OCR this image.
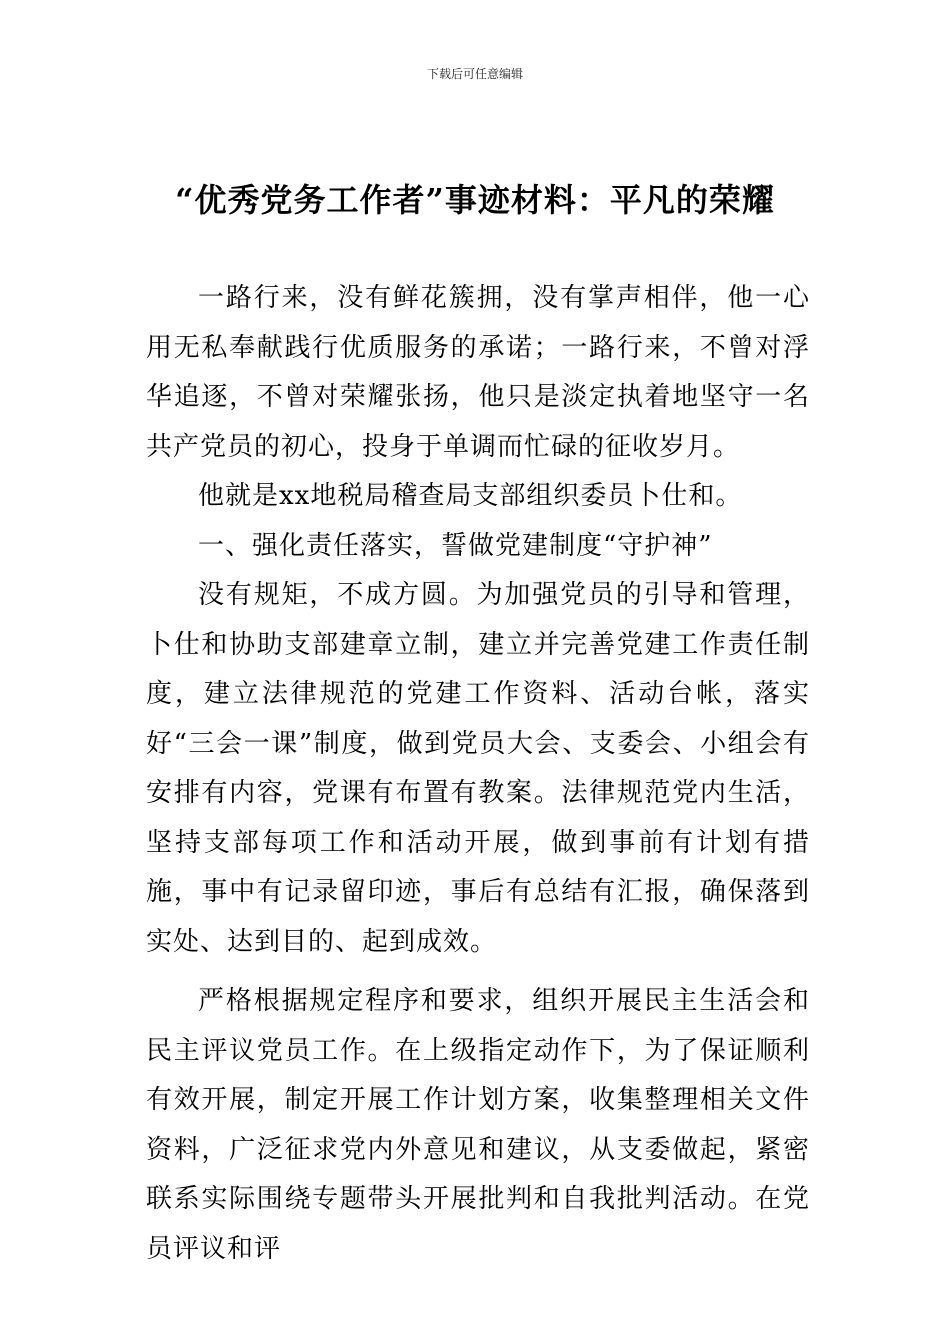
下载后可任意编辑
“优秀党务工作者”事迹材料：平凡的荣耀

一路行来，没有鲜花簇拥，没有掌声相伴，他一心用无私奉献践行优质服务的承诺；一路行来，不曾对浮华追逐，不曾对荣耀张扬，他只是淡定执着地坚守一名共产党员的初心，投身于单调而忙碌的征收岁月。

他就是xx地税局稽查局支部组织委员卜仕和。

一、强化责任落实，誓做党建制度“守护神”

没有规矩，不成方圆。为加强党员的引导和管理，卜仕和协助支部建章立制，建立并完善党建工作责任制度，建立法律规范的党建工作资料、活动台帐，落实好“三会一课”制度，做到党员大会、支委会、小组会有安排有内容，党课有布置有教案。法律规范党内生活，坚持支部每项工作和活动开展，做到事前有计划有措施，事中有记录留印迹，事后有总结有汇报，确保落到实处、达到目的、起到成效。

严格根据规定程序和要求，组织开展民主生活会和民主评议党员工作。在上级指定动作下，为了保证顺利有效开展，制定开展工作计划方案，收集整理相关文件资料，广泛征求党内外意见和建议，从支委做起，紧密联系实际围绕专题带头开展批判和自我批判活动。在党员评议和评
